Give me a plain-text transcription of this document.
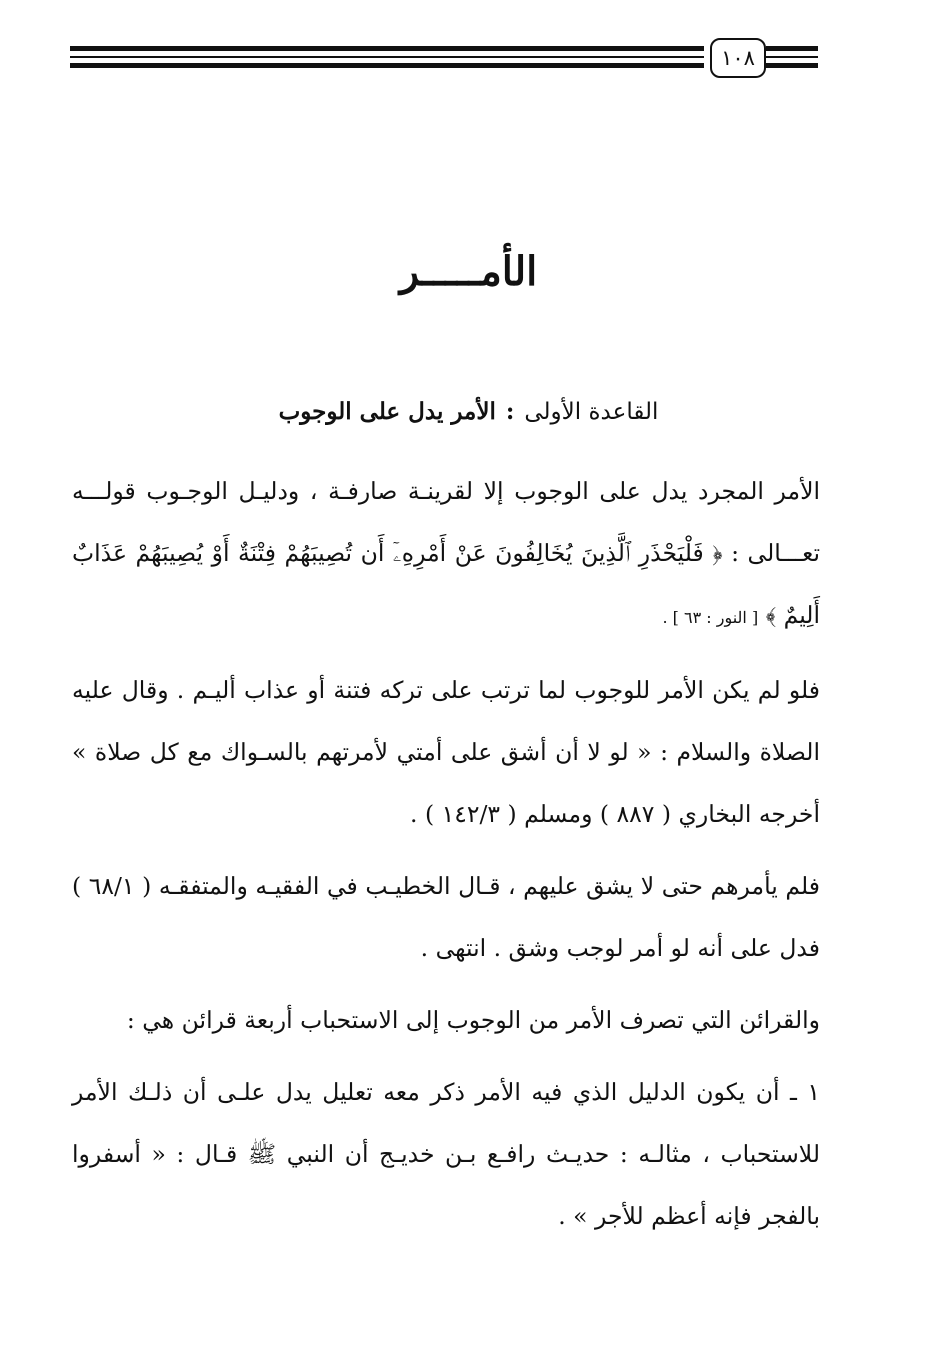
١٠٨
الأمـــــر
القاعدة الأولى:الأمر يدل على الوجوب

الأمر المجرد يدل على الوجوب إلا لقرينـة صارفـة ، ودليـل الوجـوب قولـــه تعـــالى : ﴿ فَلْيَحْذَرِ ٱلَّذِينَ يُخَالِفُونَ عَنْ أَمْرِهِۦٓ أَن تُصِيبَهُمْ فِتْنَةٌ أَوْ يُصِيبَهُمْ عَذَابٌ أَلِيمٌ ﴾ [ النور : ٦٣ ] .

فلو لم يكن الأمر للوجوب لما ترتب على تركه فتنة أو عذاب أليـم . وقال عليه الصلاة والسلام : « لو لا أن أشق على أمتي لأمرتهم بالسـواك مع كل صلاة » أخرجه البخاري ( ٨٨٧ ) ومسلم ( ١٤٢/٣ ) .

فلم يأمرهم حتى لا يشق عليهم ، قـال الخطيـب في الفقيـه والمتفقـه ( ٦٨/١ ) فدل على أنه لو أمر لوجب وشق . انتهى .

والقرائن التي تصرف الأمر من الوجوب إلى الاستحباب أربعة قرائن هي :

١ ـ أن يكون الدليل الذي فيه الأمر ذكر معه تعليل يدل علـى أن ذلـك الأمر للاستحباب ، مثالـه : حديـث رافـع بـن خديـج أن النبي ﷺ قـال : « أسفروا بالفجر فإنه أعظم للأجر » .
